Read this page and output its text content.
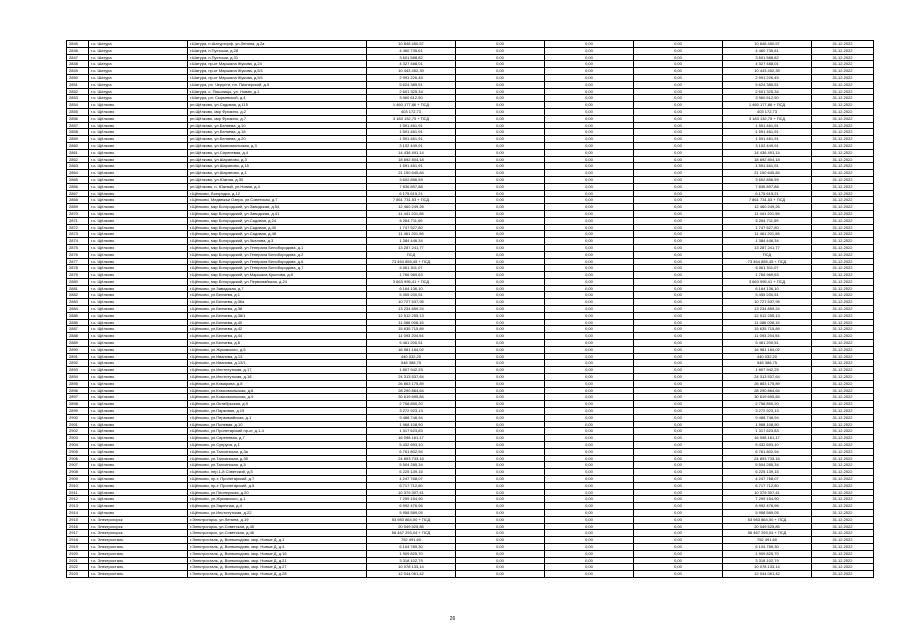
2845	г.о. Шатура	г.Шатура, п.Шатурторф, ул.Ленина, д.2а	10 848 450,57	0,00	0,00	0,00	10 848 450,57	31.12.2022
2846	г.о. Шатура	г.Шатура, п.Пустоши, д.28	4 460 735,61	0,00	0,00	0,00	4 460 735,61	31.12.2022
2847	г.о. Шатура	г.Шатура, п.Пустоши, д.31	3 601 588,82	0,00	0,00	0,00	3 601 588,82	31.12.2022
2848	г.о. Шатура	г.Шатура, пр-кт Маршала Жукова, д.24	4 327 488,01	0,00	0,00	0,00	4 327 488,01	31.12.2022
2849	г.о. Шатура	г.Шатура, пр-кт Маршала Жукова, д.5/1	10 443 452,39	0,00	0,00	0,00	10 443 452,39	31.12.2022
2850	г.о. Шатура	г.Шатура, пр-кт Маршала Жукова, д.5/1	2 991 226,45	0,00	0,00	0,00	2 991 226,45	31.12.2022
2851	г.о. Шатура	г.Шатура, рп. Черусти, пл. Пионерской, д.5	5 624 385,51	0,00	0,00	0,00	5 624 385,51	31.12.2022
2852	г.о. Шатура	г.Шатура, с. Пышлицы, ул. Новая, д.1	2 601 325,34	0,00	0,00	0,00	2 601 325,34	31.12.2022
2853	г.о. Шатура	г.Шатура, рп. Сырьевской, д.4	3 960 612,50	0,00	0,00	0,00	3 960 612,50	31.12.2022
2854	г.о. Щёлково	рп.Щёлково, ул.Садовая, д.115	1 460 177,86 + ПСД	0,00	0,00	0,00	1 460 177,86 + ПСД	31.12.2022
2855	г.о. Щёлково	рп.Щёлково, мкр Фрязино, д.2	403 172,73	0,00	0,00	0,00	403 172,73	31.12.2022
2856	г.о. Щёлково	рп.Щёлково, мкр Фрязино, д.7	3 183 132,75 + ПСД	0,00	0,00	0,00	3 183 132,75 + ПСД	31.12.2022
2857	г.о. Щёлково	рп.Щёлково, ул.Беляева, д.10	1 591 461,91	0,00	0,00	0,00	1 591 461,91	31.12.2022
2858	г.о. Щёлково	рп.Щёлково, ул.Беляева, д.18	1 591 461,91	0,00	0,00	0,00	1 591 461,91	31.12.2022
2859	г.о. Щёлково	рп.Щёлково, ул.Беляева, д.20	1 591 461,91	0,00	0,00	0,00	1 591 461,91	31.12.2022
2860	г.о. Щёлково	рп.Щёлково, ул.Комсомольская, д.3	3 102 449,91	0,00	0,00	0,00	3 102 449,91	31.12.2022
2861	г.о. Щёлково	рп.Щёлково, ул.Сиреневая, д.4	14 436 491,14	0,00	0,00	0,00	14 436 491,14	31.12.2022
2862	г.о. Щёлково	рп.Щёлково, ул.Шараново, д.3	18 692 804,18	0,00	0,00	0,00	18 692 804,18	31.12.2022
2863	г.о. Щёлково	рп.Щёлково, ул.Шараново, д.15	1 591 461,91	0,00	0,00	0,00	1 591 461,91	31.12.2022
2864	г.о. Щёлково	рп.Щёлково, ул.Шараново, д.1	21 150 645,84	0,00	0,00	0,00	21 150 645,84	31.12.2022
2865	г.о. Щёлково	рп.Щёлково, ул.Южная, д.30	3 602 856,59	0,00	0,00	0,00	3 602 856,59	31.12.2022
2866	г.о. Щёлково	рп.Щёлково, п. Южный, ул.Новая, д.4	7 836 897,88	0,00	0,00	0,00	7 836 897,88	31.12.2022
2867	г.о. Щёлково	г.Щёлково, Богородск, д.12	6 175 615,21	0,00	0,00	0,00	6 175 615,21	31.12.2022
2868	г.о. Щёлково	г.Щёлково, Медвежьи Озера, ул.Советская, д.7	7 861 731,53 + ПСД	0,00	0,00	0,00	7 861 731,53 + ПСД	31.12.2022
2869	г.о. Щёлково	г.Щёлково, мкр Богородский, ул.Заводская, д.54	12 460 249,26	0,00	0,00	0,00	12 460 249,26	31.12.2022
2870	г.о. Щёлково	г.Щёлково, мкр Богородский, ул.Заводская, д.41	11 441 201,98	0,00	0,00	0,00	11 441 201,98	31.12.2022
2871	г.о. Щёлково	г.Щёлково, мкр Богородский, ул.Садовая, д.24	6 264 711,69	0,00	0,00	0,00	6 264 711,69	31.12.2022
2872	г.о. Щёлково	г.Щёлково, мкр Богородский, ул.Садовая, д.40	1 747 527,80	0,00	0,00	0,00	1 747 527,80	31.12.2022
2873	г.о. Щёлково	г.Щёлково, мкр Богородский, ул.Садовая, д.48	11 461 201,98	0,00	0,00	0,00	11 461 201,98	31.12.2022
2874	г.о. Щёлково	г.Щёлково, мкр Богородский, ул.Чкалова, д.3	1 384 446,34	0,00	0,00	0,00	1 384 446,34	31.12.2022
2875	г.о. Щёлково	г.Щёлково, мкр Богородский, ул.Генерала Белобородова, д.1	13 287 241,77	0,00	0,00	0,00	13 287 241,77	31.12.2022
2876	г.о. Щёлково	г.Щёлково, мкр Богородский, ул.Генерала Белобородова, д.2	ПСД	0,00	0,00	0,00	ПСД	31.12.2022
2877	г.о. Щёлково	г.Щёлково, мкр Богородский, ул.Генерала Белобородова, д.6	73 464 855,45 + ПСД	0,00	0,00	0,00	73 464 855,45 + ПСД	31.12.2022
2878	г.о. Щёлково	г.Щёлково, мкр Богородский, ул.Генерала Белобородова, д.7	6 061 511,07	0,00	0,00	0,00	6 061 511,07	31.12.2022
2879	г.о. Щёлково	г.Щёлково, мкр Богородский, ул.Маршала Крылова, д.8	1 766 969,63	0,00	0,00	0,00	1 766 969,63	31.12.2022
2880	г.о. Щёлково	г.Щёлково, мкр Богородский, ул.Первомайская, д.24	3 663 995,41 + ПСД	0,00	0,00	0,00	3 663 995,41 + ПСД	31.12.2022
2881	г.о. Щёлково	г.Щёлково, ул.Заводская, д.7	6 164 136,10	0,00	0,00	0,00	6 164 136,10	31.12.2022
2882	г.о. Щёлково	г.Щёлково, ул.Беляева, д.1	5 455 200,51	0,00	0,00	0,00	5 455 200,51	31.12.2022
2883	г.о. Щёлково	г.Щёлково, ул.Беляева, д.36а	10 727 537,95	0,00	0,00	0,00	10 727 537,95	31.12.2022
2884	г.о. Щёлково	г.Щёлково, ул.Беляева, д.38	13 234 859,24	0,00	0,00	0,00	13 234 859,24	31.12.2022
2885	г.о. Щёлково	г.Щёлково, ул.Беляева, д.38/1	12 512 255,13	0,00	0,00	0,00	12 512 255,13	31.12.2022
2886	г.о. Щёлково	г.Щёлково, ул.Беляева, д.40	11 086 008,15	0,00	0,00	0,00	11 086 008,15	31.12.2022
2887	г.о. Щёлково	г.Щёлково, ул.Беляева, д.42	15 635 715,89	0,00	0,00	0,00	15 635 715,89	31.12.2022
2888	г.о. Щёлково	г.Щёлково, ул.Беляева, д.44	11 093 204,94	0,00	0,00	0,00	11 093 204,94	31.12.2022
2889	г.о. Щёлково	г.Щёлково, ул.Беляева, д.8	5 461 200,51	0,00	0,00	0,00	5 461 200,51	31.12.2022
2890	г.о. Щёлково	г.Щёлково, ул.Жуковского, д.5	16 981 164,02	0,00	0,00	0,00	16 981 164,02	31.12.2022
2891	г.о. Щёлково	г.Щёлково, ул.Иванова, д.13	440 032,20	0,00	0,00	0,00	440 032,20	31.12.2022
2892	г.о. Щёлково	г.Щёлково, ул.Иванова, д.13/1	548 388,75	0,00	0,00	0,00	548 388,75	31.12.2022
2893	г.о. Щёлково	г.Щёлково, ул.Институтская, д.17	1 807 942,25	0,00	0,00	0,00	1 807 942,25	31.12.2022
2894	г.о. Щёлково	г.Щёлково, ул.Институтская, д.18	24 313 537,64	0,00	0,00	0,00	24 313 537,64	31.12.2022
2895	г.о. Щёлково	г.Щёлково, ул.Комарова, д.8	26 863 175,89	0,00	0,00	0,00	26 863 175,89	31.12.2022
2896	г.о. Щёлково	г.Щёлково, ул.Комсомольская, д.8	28 290 864,64	0,00	0,00	0,00	28 290 864,64	31.12.2022
2897	г.о. Щёлково	г.Щёлково, ул.Комсомольская, д.9	30 619 695,84	0,00	0,00	0,00	30 619 695,84	31.12.2022
2898	г.о. Щёлково	г.Щёлково, ул.Октябрьская, д.9	2 758 850,20	0,00	0,00	0,00	2 758 850,20	31.12.2022
2899	г.о. Щёлково	г.Щёлково, ул.Парковая, д.19	3 272 923,13	0,00	0,00	0,00	3 272 923,13	31.12.2022
2900	г.о. Щёлково	г.Щёлково, ул.Первомайская, д.1	9 488 748,94	0,00	0,00	0,00	9 488 748,94	31.12.2022
2901	г.о. Щёлково	г.Щёлково, ул.Полевая, д.10	1 968 108,90	0,00	0,00	0,00	1 968 108,90	31.12.2022
2902	г.о. Щёлково	г.Щёлково, ул.Пролетарский пр-кт, д.1-4	1 317 623,83	0,00	0,00	0,00	1 317 623,83	31.12.2022
2903	г.о. Щёлково	г.Щёлково, ул.Сиреневая, д.7	16 098 161,17	0,00	0,00	0,00	16 098 161,17	31.12.2022
2904	г.о. Щёлково	г.Щёлково, ул.Супруна, д.1	5 432 693,10	0,00	0,00	0,00	5 432 693,10	31.12.2022
2905	г.о. Щёлково	г.Щёлково, ул.Талсинская, д.3а	6 761 802,94	0,00	0,00	0,00	6 761 802,94	31.12.2022
2906	г.о. Щёлково	г.Щёлково, ул.Талсинская, д.3б	24 893 733,16	0,00	0,00	0,00	24 893 733,16	31.12.2022
2907	г.о. Щёлково	г.Щёлково, ул.Талсинская, д.5	5 504 285,34	0,00	0,00	0,00	5 504 285,34	31.12.2022
2908	г.о. Щёлково	г.Щёлково, пер.1-й Советский, д.5	6 225 139,15	0,00	0,00	0,00	6 225 139,15	31.12.2022
2909	г.о. Щёлково	г.Щёлково, пр-т. Пролетарский, д.7	4 247 768,07	0,00	0,00	0,00	4 247 768,07	31.12.2022
2910	г.о. Щёлково	г.Щёлково, пр-т. Пролетарский, д.5	6 717 712,80	0,00	0,00	0,00	6 717 712,80	31.12.2022
2911	г.о. Щёлково	г.Щёлково, ул.Пионерская, д.20	10 379 307,41	0,00	0,00	0,00	10 379 307,41	31.12.2022
2912	г.о. Щёлково	г.Щёлково, ул.Жуковского, д.1	7 299 154,90	0,00	0,00	0,00	7 299 154,90	31.12.2022
2913	г.о. Щёлково	г.Щёлково, ул.Заречная, д.4	6 992 476,96	0,00	0,00	0,00	6 992 476,96	31.12.2022
2914	г.о. Щёлково	г.Щёлково, ул.Институтская, д.22	5 958 589,05	0,00	0,00	0,00	5 958 589,05	31.12.2022
2915	г.о. Электрогорск	г.Электрогорск, ул.Ленина, д.19	53 983 864,00 + ПСД	0,00	0,00	0,00	53 983 864,00 + ПСД	31.12.2022
2916	г.о. Электрогорск	г.Электрогорск, ул.Советская, д.45	20 049 525,85	0,00	0,00	0,00	20 049 525,85	31.12.2022
2917	г.о. Электрогорск	г.Электрогорск, ул.Советская, д.46	56 467 293,04 + ПСД	0,00	0,00	0,00	56 467 293,04 + ПСД	31.12.2022
2918	г.о. Электросталь	г.Электросталь, д. Всеволодово, мкр. Новые Д, д.1	752 491,60	0,00	0,00	0,00	752 491,60	31.12.2022
2919	г.о. Электросталь	г.Электросталь, д. Всеволодово, мкр. Новые Д, д.4	6 104 789,30	0,00	0,00	0,00	6 104 789,30	31.12.2022
2920	г.о. Электросталь	г.Электросталь, д. Всеволодово, мкр. Новые Д, д.16	1 909 825,70	0,00	0,00	0,00	1 909 825,70	31.12.2022
2921	г.о. Электросталь	г.Электросталь, д. Всеволодово, мкр. Новые Д, д.21	3 318 102,79	0,00	0,00	0,00	3 318 102,79	31.12.2022
2922	г.о. Электросталь	г.Электросталь, д. Всеволодово, мкр. Новые Д, д.27	10 078 133,14	0,00	0,00	0,00	10 078 133,14	31.12.2022
2923	г.о. Электросталь	г.Электросталь, д. Всеволодово, мкр. Новые Д, д.28	12 044 061,42	0,00	0,00	0,00	12 044 061,42	31.12.2022
26
